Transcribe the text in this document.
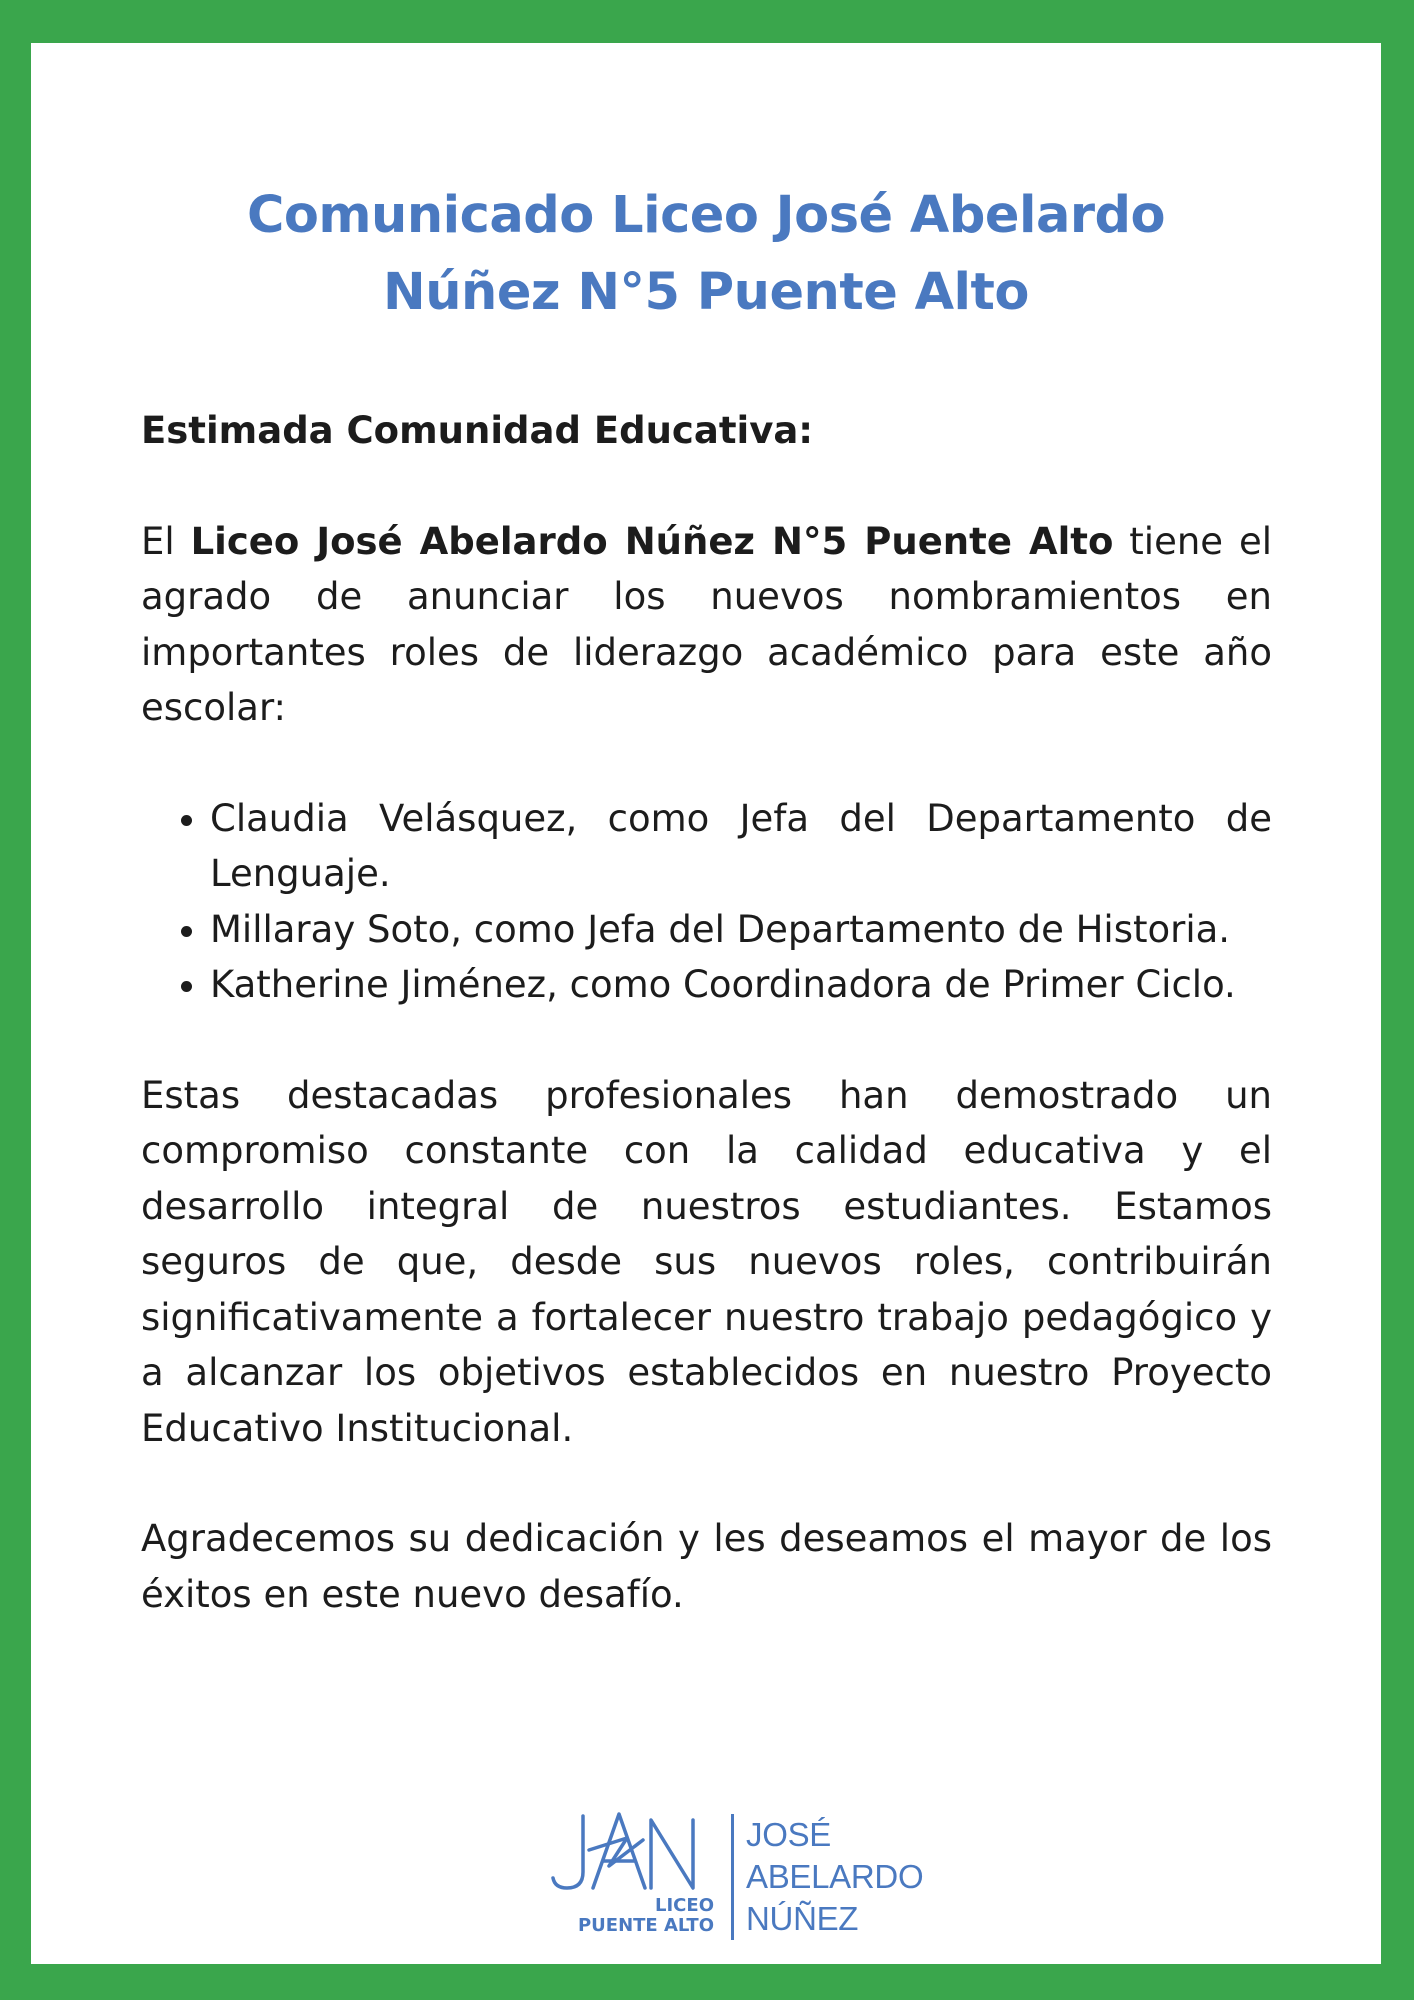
Comunicado Liceo José Abelardo
Núñez N°5 Puente Alto

Estimada Comunidad Educativa:

El Liceo José Abelardo Núñez N°5 Puente Alto tiene el agrado de anunciar los nuevos nombramientos en importantes roles de liderazgo académico para este año escolar:

• Claudia Velásquez, como Jefa del Departamento de Lenguaje.
• Millaray Soto, como Jefa del Departamento de Historia.
• Katherine Jiménez, como Coordinadora de Primer Ciclo.

Estas destacadas profesionales han demostrado un compromiso constante con la calidad educativa y el desarrollo integral de nuestros estudiantes. Estamos seguros de que, desde sus nuevos roles, contribuirán significativamente a fortalecer nuestro trabajo pedagógico y a alcanzar los objetivos establecidos en nuestro Proyecto Educativo Institucional.

Agradecemos su dedicación y les deseamos el mayor de los éxitos en este nuevo desafío.

LICEO
PUENTE ALTO
JOSÉ
ABELARDO
NÚÑEZ
